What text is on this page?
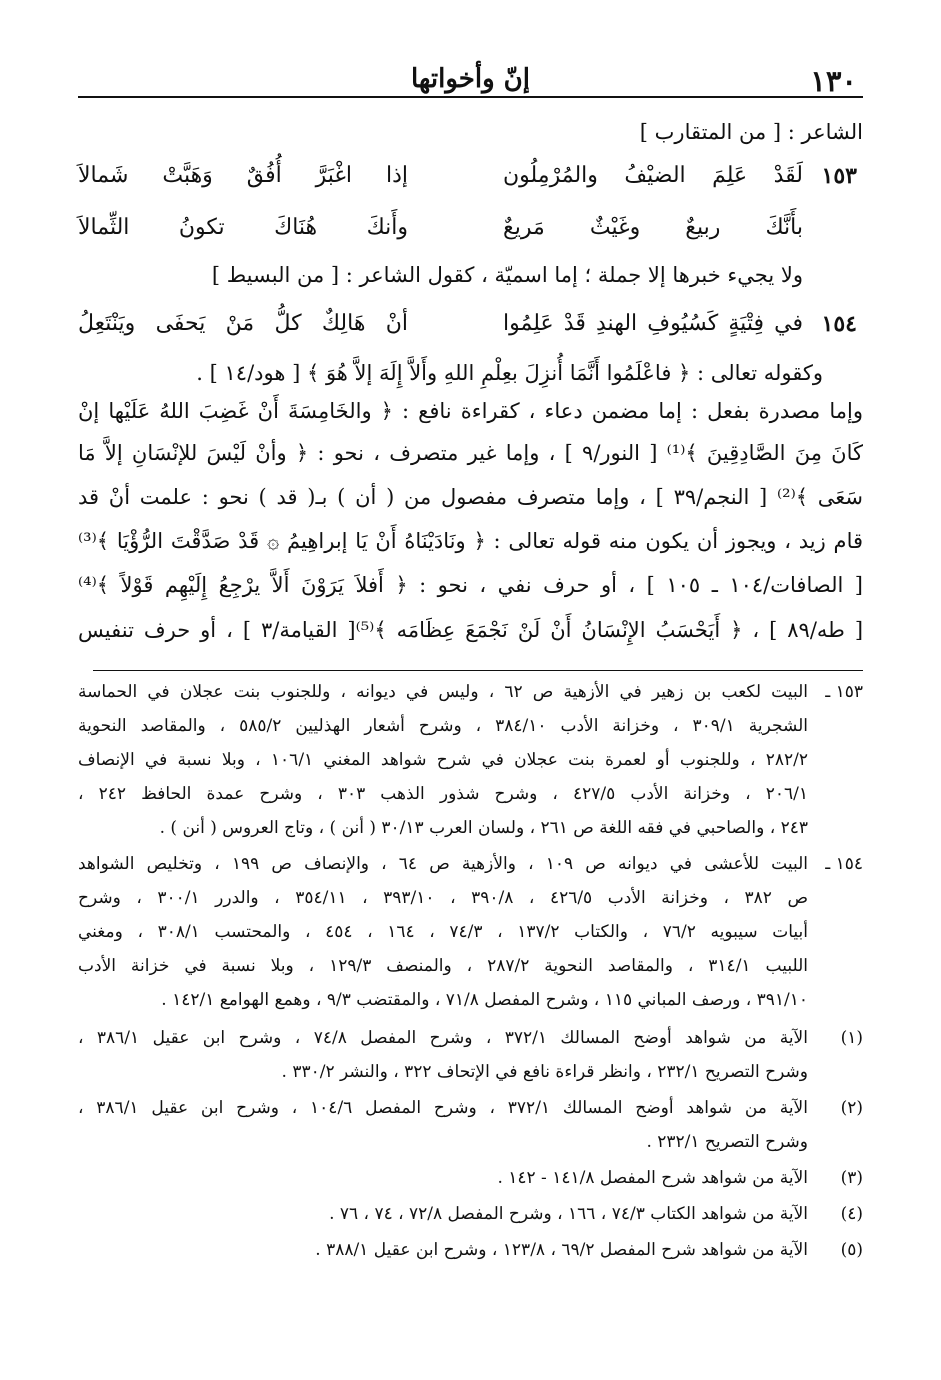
١٣٠
إنّ وأخواتها
الشاعر : [ من المتقارب ]
١٥٣
لَقَدْ عَلِمَ الضيْفُ والمُرْمِلُون
إذا اغْبَرَّ أُفُقٌ وَهَبَّتْ شَمالاَ
بأَنَّكَ ربيعٌ وغَيْثٌ مَريعٌ
وأَنكَ هُنَاكَ تكونُ الثِّمالاَ
ولا يجيء خبرها إلا جملة ؛ إما اسميّة ، كقول الشاعر : [ من البسيط ]
١٥٤
في فِتْيَةٍ كَسُيُوفِ الهندِ قَدْ عَلِمُوا
أنْ هَالِكٌ كلُّ مَنْ يَحفَى ويَنْتَعِلُ
وكقوله تعالى : ﴿ فاعْلَمُوا أَنَّمَا أُنزِلَ بعِلْمِ اللهِ وأَلاَّ إِلَهَ إلاَّ هُوَ ﴾ [ هود/١٤ ] .
وإما مصدرة بفعل : إما مضمن دعاء ، كقراءة نافع : ﴿ والخَامِسَةَ أَنْ غَضِبَ اللهُ عَلَيْها إنْ
كَانَ مِنَ الصَّادِقِينَ ﴾⁽¹⁾ [ النور/٩ ] ، وإما غير متصرف ، نحو : ﴿ وأنْ لَيْسَ للإنْسَانِ إلاَّ مَا
سَعَى ﴾⁽²⁾ [ النجم/٣٩ ] ، وإما متصرف مفصول من ( أن ) بـ( قد ) نحو : علمت أنْ قد
قام زيد ، ويجوز أن يكون منه قوله تعالى : ﴿ ونَادَيْنَاهُ أَنْ يَا إبراهِيمُ ۞ قَدْ صَدَّقْتَ الرُّؤْيَا ﴾⁽³⁾
[ الصافات/١٠٤ ـ ١٠٥ ] ، أو حرف نفي ، نحو : ﴿ أَفلاَ يَرَوْنَ أَلاَّ يرْجِعُ إِلَيْهِم قَوْلاً ﴾⁽⁴⁾
[ طه/٨٩ ] ، ﴿ أَيَحْسَبُ الإِنْسَانُ أَنْ لَنْ نَجْمَعَ عِظَامَه ﴾⁽⁵⁾[ القيامة/٣ ] ، أو حرف تنفيس
١٥٣ ـ
البيت لكعب بن زهير في الأزهية ص ٦٢ ، وليس في ديوانه ، وللجنوب بنت عجلان في الحماسة
الشجرية ٣٠٩/١ ، وخزانة الأدب ٣٨٤/١٠ ، وشرح أشعار الهذليين ٥٨٥/٢ ، والمقاصد النحوية
٢٨٢/٢ ، وللجنوب أو لعمرة بنت عجلان في شرح شواهد المغني ١٠٦/١ ، وبلا نسبة في الإنصاف
٢٠٦/١ ، وخزانة الأدب ٤٢٧/٥ ، وشرح شذور الذهب ٣٠٣ ، وشرح عمدة الحافظ ٢٤٢ ،
٢٤٣ ، والصاحبي في فقه اللغة ص ٢٦١ ، ولسان العرب ٣٠/١٣ ( أنن ) ، وتاج العروس ( أنن ) .
١٥٤ ـ
البيت للأعشى في ديوانه ص ١٠٩ ، والأزهية ص ٦٤ ، والإنصاف ص ١٩٩ ، وتخليص الشواهد
ص ٣٨٢ ، وخزانة الأدب ٤٢٦/٥ ، ٣٩٠/٨ ، ٣٩٣/١٠ ، ٣٥٤/١١ ، والدرر ٣٠٠/١ ، وشرح
أبيات سيبويه ٧٦/٢ ، والكتاب ١٣٧/٢ ، ٧٤/٣ ، ١٦٤ ، ٤٥٤ ، والمحتسب ٣٠٨/١ ، ومغني
اللبيب ٣١٤/١ ، والمقاصد النحوية ٢٨٧/٢ ، والمنصف ١٢٩/٣ ، وبلا نسبة في خزانة الأدب
٣٩١/١٠ ، ورصف المباني ١١٥ ، وشرح المفصل ٧١/٨ ، والمقتضب ٩/٣ ، وهمع الهوامع ١٤٢/١ .
(١)
الآية من شواهد أوضح المسالك ٣٧٢/١ ، وشرح المفصل ٧٤/٨ ، وشرح ابن عقيل ٣٨٦/١ ،
وشرح التصريح ٢٣٢/١ ، وانظر قراءة نافع في الإتحاف ٣٢٢ ، والنشر ٣٣٠/٢ .
(٢)
الآية من شواهد أوضح المسالك ٣٧٢/١ ، وشرح المفصل ١٠٤/٦ ، وشرح ابن عقيل ٣٨٦/١ ،
وشرح التصريح ٢٣٢/١ .
(٣)
الآية من شواهد شرح المفصل ١٤١/٨ - ١٤٢ .
(٤)
الآية من شواهد الكتاب ٧٤/٣ ، ١٦٦ ، وشرح المفصل ٧٢/٨ ، ٧٤ ، ٧٦ .
(٥)
الآية من شواهد شرح المفصل ٦٩/٢ ، ١٢٣/٨ ، وشرح ابن عقيل ٣٨٨/١ .
